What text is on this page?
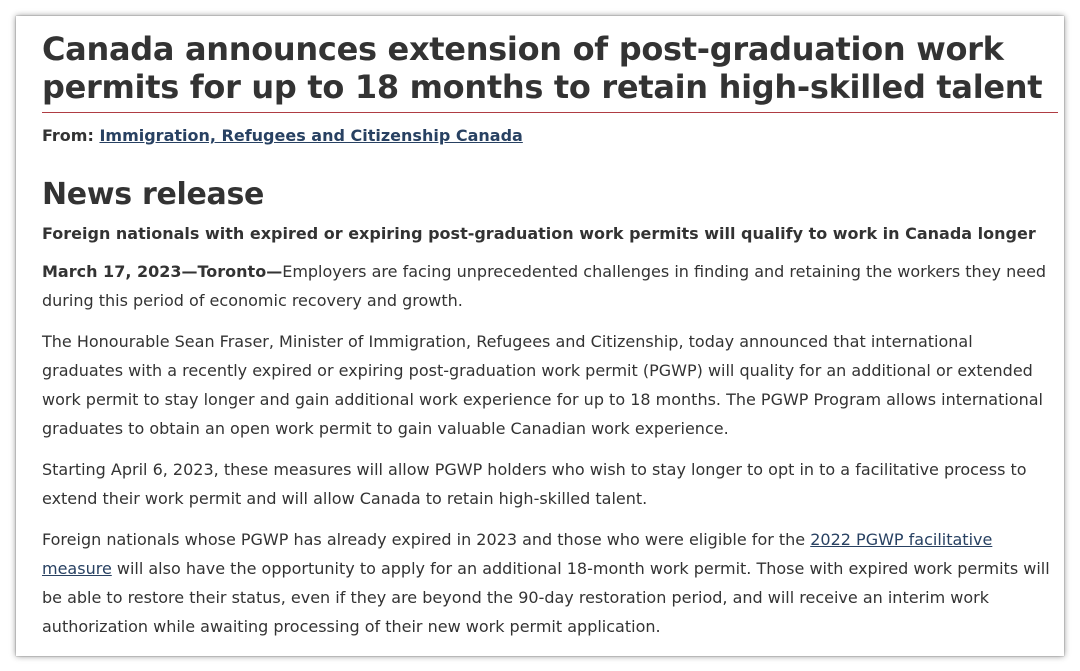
Canada announces extension of post-graduation work permits for up to 18 months to retain high-skilled talent
From: Immigration, Refugees and Citizenship Canada
News release
Foreign nationals with expired or expiring post-graduation work permits will qualify to work in Canada longer

March 17, 2023—Toronto—Employers are facing unprecedented challenges in finding and retaining the workers they need during this period of economic recovery and growth.

The Honourable Sean Fraser, Minister of Immigration, Refugees and Citizenship, today announced that international graduates with a recently expired or expiring post-graduation work permit (PGWP) will quality for an additional or extended work permit to stay longer and gain additional work experience for up to 18 months. The PGWP Program allows international graduates to obtain an open work permit to gain valuable Canadian work experience.

Starting April 6, 2023, these measures will allow PGWP holders who wish to stay longer to opt in to a facilitative process to extend their work permit and will allow Canada to retain high-skilled talent.

Foreign nationals whose PGWP has already expired in 2023 and those who were eligible for the 2022 PGWP facilitative measure will also have the opportunity to apply for an additional 18-month work permit. Those with expired work permits will be able to restore their status, even if they are beyond the 90-day restoration period, and will receive an interim work authorization while awaiting processing of their new work permit application.
